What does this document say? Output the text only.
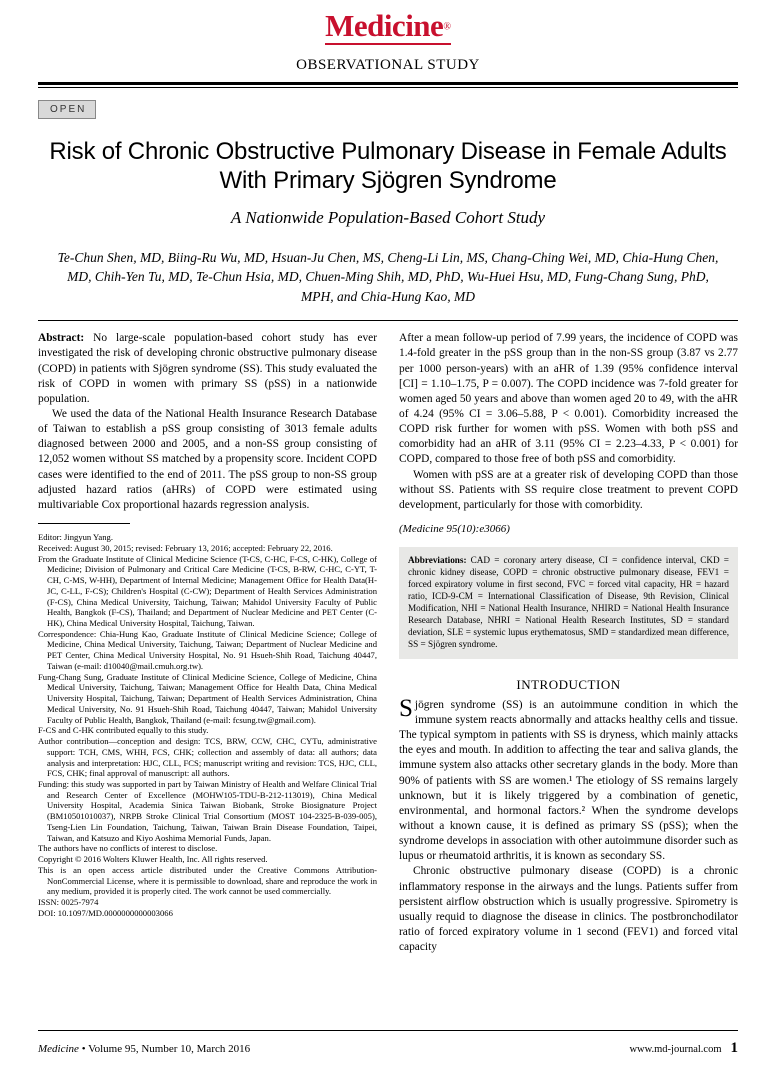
Medicine®
OBSERVATIONAL STUDY
OPEN
Risk of Chronic Obstructive Pulmonary Disease in Female Adults With Primary Sjögren Syndrome
A Nationwide Population-Based Cohort Study
Te-Chun Shen, MD, Biing-Ru Wu, MD, Hsuan-Ju Chen, MS, Cheng-Li Lin, MS, Chang-Ching Wei, MD, Chia-Hung Chen, MD, Chih-Yen Tu, MD, Te-Chun Hsia, MD, Chuen-Ming Shih, MD, PhD, Wu-Huei Hsu, MD, Fung-Chang Sung, PhD, MPH, and Chia-Hung Kao, MD

Abstract: No large-scale population-based cohort study has ever investigated the risk of developing chronic obstructive pulmonary disease (COPD) in patients with Sjögren syndrome (SS). This study evaluated the risk of COPD in women with primary SS (pSS) in a nationwide population.

We used the data of the National Health Insurance Research Database of Taiwan to establish a pSS group consisting of 3013 female adults diagnosed between 2000 and 2005, and a non-SS group consisting of 12,052 women without SS matched by a propensity score. Incident COPD cases were identified to the end of 2011. The pSS group to non-SS group adjusted hazard ratios (aHRs) of COPD were estimated using multivariable Cox proportional hazards regression analysis.

Editor: Jingyun Yang.

Received: August 30, 2015; revised: February 13, 2016; accepted: February 22, 2016.

From the Graduate Institute of Clinical Medicine Science (T-CS, C-HC, F-CS, C-HK), College of Medicine; Division of Pulmonary and Critical Care Medicine (T-CS, B-RW, C-HC, C-YT, T-CH, C-MS, W-HH), Department of Internal Medicine; Management Office for Health Data(H-JC, C-LL, F-CS); Children's Hospital (C-CW); Department of Health Services Administration (F-CS), China Medical University, Taichung, Taiwan; Mahidol University Faculty of Public Health, Bangkok (F-CS), Thailand; and Department of Nuclear Medicine and PET Center (C-HK), China Medical University Hospital, Taichung, Taiwan.

Correspondence: Chia-Hung Kao, Graduate Institute of Clinical Medicine Science; College of Medicine, China Medical University, Taichung, Taiwan; Department of Nuclear Medicine and PET Center, China Medical University Hospital, No. 91 Hsueh-Shih Road, Taichung 40447, Taiwan (e-mail: d10040@mail.cmuh.org.tw).

Fung-Chang Sung, Graduate Institute of Clinical Medicine Science, College of Medicine, China Medical University, Taichung, Taiwan; Management Office for Health Data, China Medical University Hospital, Taichung, Taiwan; Department of Health Services Administration, China Medical University, No. 91 Hsueh-Shih Road, Taichung 40447, Taiwan; Mahidol University Faculty of Public Health, Bangkok, Thailand (e-mail: fcsung.tw@gmail.com).

F-CS and C-HK contributed equally to this study.

Author contribution—conception and design: TCS, BRW, CCW, CHC, CYTu, administrative support: TCH, CMS, WHH, FCS, CHK; collection and assembly of data: all authors; data analysis and interpretation: HJC, CLL, FCS; manuscript writing and revision: TCS, HJC, CLL, FCS, CHK; final approval of manuscript: all authors.

Funding: this study was supported in part by Taiwan Ministry of Health and Welfare Clinical Trial and Research Center of Excellence (MOHW105-TDU-B-212-113019), China Medical University Hospital, Academia Sinica Taiwan Biobank, Stroke Biosignature Project (BM10501010037), NRPB Stroke Clinical Trial Consortium (MOST 104-2325-B-039-005), Tseng-Lien Lin Foundation, Taichung, Taiwan, Taiwan Brain Disease Foundation, Taipei, Taiwan, and Katsuzo and Kiyo Aoshima Memorial Funds, Japan.

The authors have no conflicts of interest to disclose.

Copyright © 2016 Wolters Kluwer Health, Inc. All rights reserved.

This is an open access article distributed under the Creative Commons Attribution- NonCommercial License, where it is permissible to download, share and reproduce the work in any medium, provided it is properly cited. The work cannot be used commercially.

ISSN: 0025-7974

DOI: 10.1097/MD.0000000000003066

After a mean follow-up period of 7.99 years, the incidence of COPD was 1.4-fold greater in the pSS group than in the non-SS group (3.87 vs 2.77 per 1000 person-years) with an aHR of 1.39 (95% confidence interval [CI] = 1.10–1.75, P = 0.007). The COPD incidence was 7-fold greater for women aged 50 years and above than women aged 20 to 49, with the aHR of 4.24 (95% CI = 3.06–5.88, P < 0.001). Comorbidity increased the COPD risk further for women with pSS. Women with both pSS and comorbidity had an aHR of 3.11 (95% CI = 2.23–4.33, P < 0.001) for COPD, compared to those free of both pSS and comorbidity.

Women with pSS are at a greater risk of developing COPD than those without SS. Patients with SS require close treatment to prevent COPD development, particularly for those with comorbidity.

(Medicine 95(10):e3066)
Abbreviations: CAD = coronary artery disease, CI = confidence interval, CKD = chronic kidney disease, COPD = chronic obstructive pulmonary disease, FEV1 = forced expiratory volume in first second, FVC = forced vital capacity, HR = hazard ratio, ICD-9-CM = International Classification of Disease, 9th Revision, Clinical Modification, NHI = National Health Insurance, NHIRD = National Health Insurance Research Database, NHRI = National Health Research Institutes, SD = standard deviation, SLE = systemic lupus erythematosus, SMD = standardized mean difference, SS = Sjögren syndrome.
INTRODUCTION
Sjögren syndrome (SS) is an autoimmune condition in which the immune system reacts abnormally and attacks healthy cells and tissue. The typical symptom in patients with SS is dryness, which mainly attacks the eyes and mouth. In addition to affecting the tear and saliva glands, the immune system also attacks other secretary glands in the body. More than 90% of patients with SS are women.¹ The etiology of SS remains largely unknown, but it is likely triggered by a combination of genetic, environmental, and hormonal factors.² When the syndrome develops without a known cause, it is defined as primary SS (pSS); when the syndrome develops in association with other autoimmune disorder such as lupus or rheumatoid arthritis, it is known as secondary SS.

Chronic obstructive pulmonary disease (COPD) is a chronic inflammatory response in the airways and the lungs. Patients suffer from persistent airflow obstruction which is usually progressive. Spirometry is usually requid to diagnose the disease in clinics. The postbronchodilator ratio of forced expiratory volume in 1 second (FEV1) and forced vital capacity

Medicine • Volume 95, Number 10, March 2016	www.md-journal.com 1
